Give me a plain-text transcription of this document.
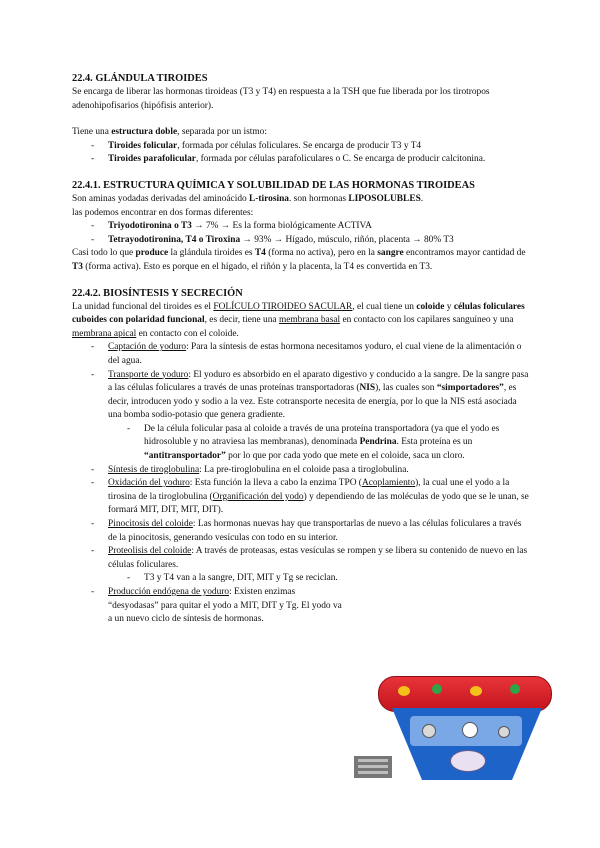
22.4. GLÁNDULA TIROIDES

Se encarga de liberar las hormonas tiroideas (T3 y T4) en respuesta a la TSH que fue liberada por los tirotropos adenohipofisarios (hipófisis anterior).

Tiene una estructura doble, separada por un istmo:

- Tiroides folicular, formada por células foliculares. Se encarga de producir T3 y T4
- Tiroides parafolicular, formada por células parafoliculares o C. Se encarga de producir calcitonina.
22.4.1. ESTRUCTURA QUÍMICA Y SOLUBILIDAD DE LAS HORMONAS TIROIDEAS

Son aminas yodadas derivadas del aminoácido L-tirosina. son hormonas LIPOSOLUBLES.

las podemos encontrar en dos formas diferentes:

- Triyodotironina o T3 → 7% → Es la forma biológicamente ACTIVA
- Tetrayodotironina, T4 o Tiroxina → 93% → Hígado, músculo, riñón, placenta → 80% T3

Casi todo lo que produce la glándula tiroides es T4 (forma no activa), pero en la sangre encontramos mayor cantidad de T3 (forma activa). Esto es porque en el hígado, el riñón y la placenta, la T4 es convertida en T3.

22.4.2. BIOSÍNTESIS Y SECRECIÓN

La unidad funcional del tiroides es el FOLÍCULO TIROIDEO SACULAR, el cual tiene un coloide y células foliculares cuboides con polaridad funcional, es decir, tiene una membrana basal en contacto con los capilares sanguíneo y una membrana apical en contacto con el coloide.

- Captación de yoduro: Para la síntesis de estas hormona necesitamos yoduro, el cual viene de la alimentación o del agua.
- Transporte de yoduro: El yoduro es absorbido en el aparato digestivo y conducido a la sangre. De la sangre pasa a las células foliculares a través de unas proteínas transportadoras (NIS), las cuales son “simportadores”, es decir, introducen yodo y sodio a la vez. Este cotransporte necesita de energía, por lo que la NIS está asociada una bomba sodio-potasio que genera gradiente.
- De la célula folicular pasa al coloide a través de una proteína transportadora (ya que el yodo es hidrosoluble y no atraviesa las membranas), denominada Pendrina. Esta proteína es un “antitransportador” por lo que por cada yodo que mete en el coloide, saca un cloro.
- Síntesis de tiroglobulina: La pre-tiroglobulina en el coloide pasa a tiroglobulina.
- Oxidación del yoduro: Esta función la lleva a cabo la enzima TPO (Acoplamiento), la cual une el yodo a la tirosina de la tiroglobulina (Organificación del yodo) y dependiendo de las moléculas de yodo que se le unan, se formará MIT, DIT, MIT, DIT).
- Pinocitosis del coloide: Las hormonas nuevas hay que transportarlas de nuevo a las células foliculares a través de la pinocitosis, generando vesículas con todo en su interior.
- Proteolisis del coloide: A través de proteasas, estas vesículas se rompen y se libera su contenido de nuevo en las células foliculares.
- T3 y T4 van a la sangre, DIT, MIT y Tg se reciclan.
- Producción endógena de yoduro: Existen enzimas “desyodasas” para quitar el yodo a MIT, DIT y Tg. El yodo va a un nuevo ciclo de síntesis de hormonas.
